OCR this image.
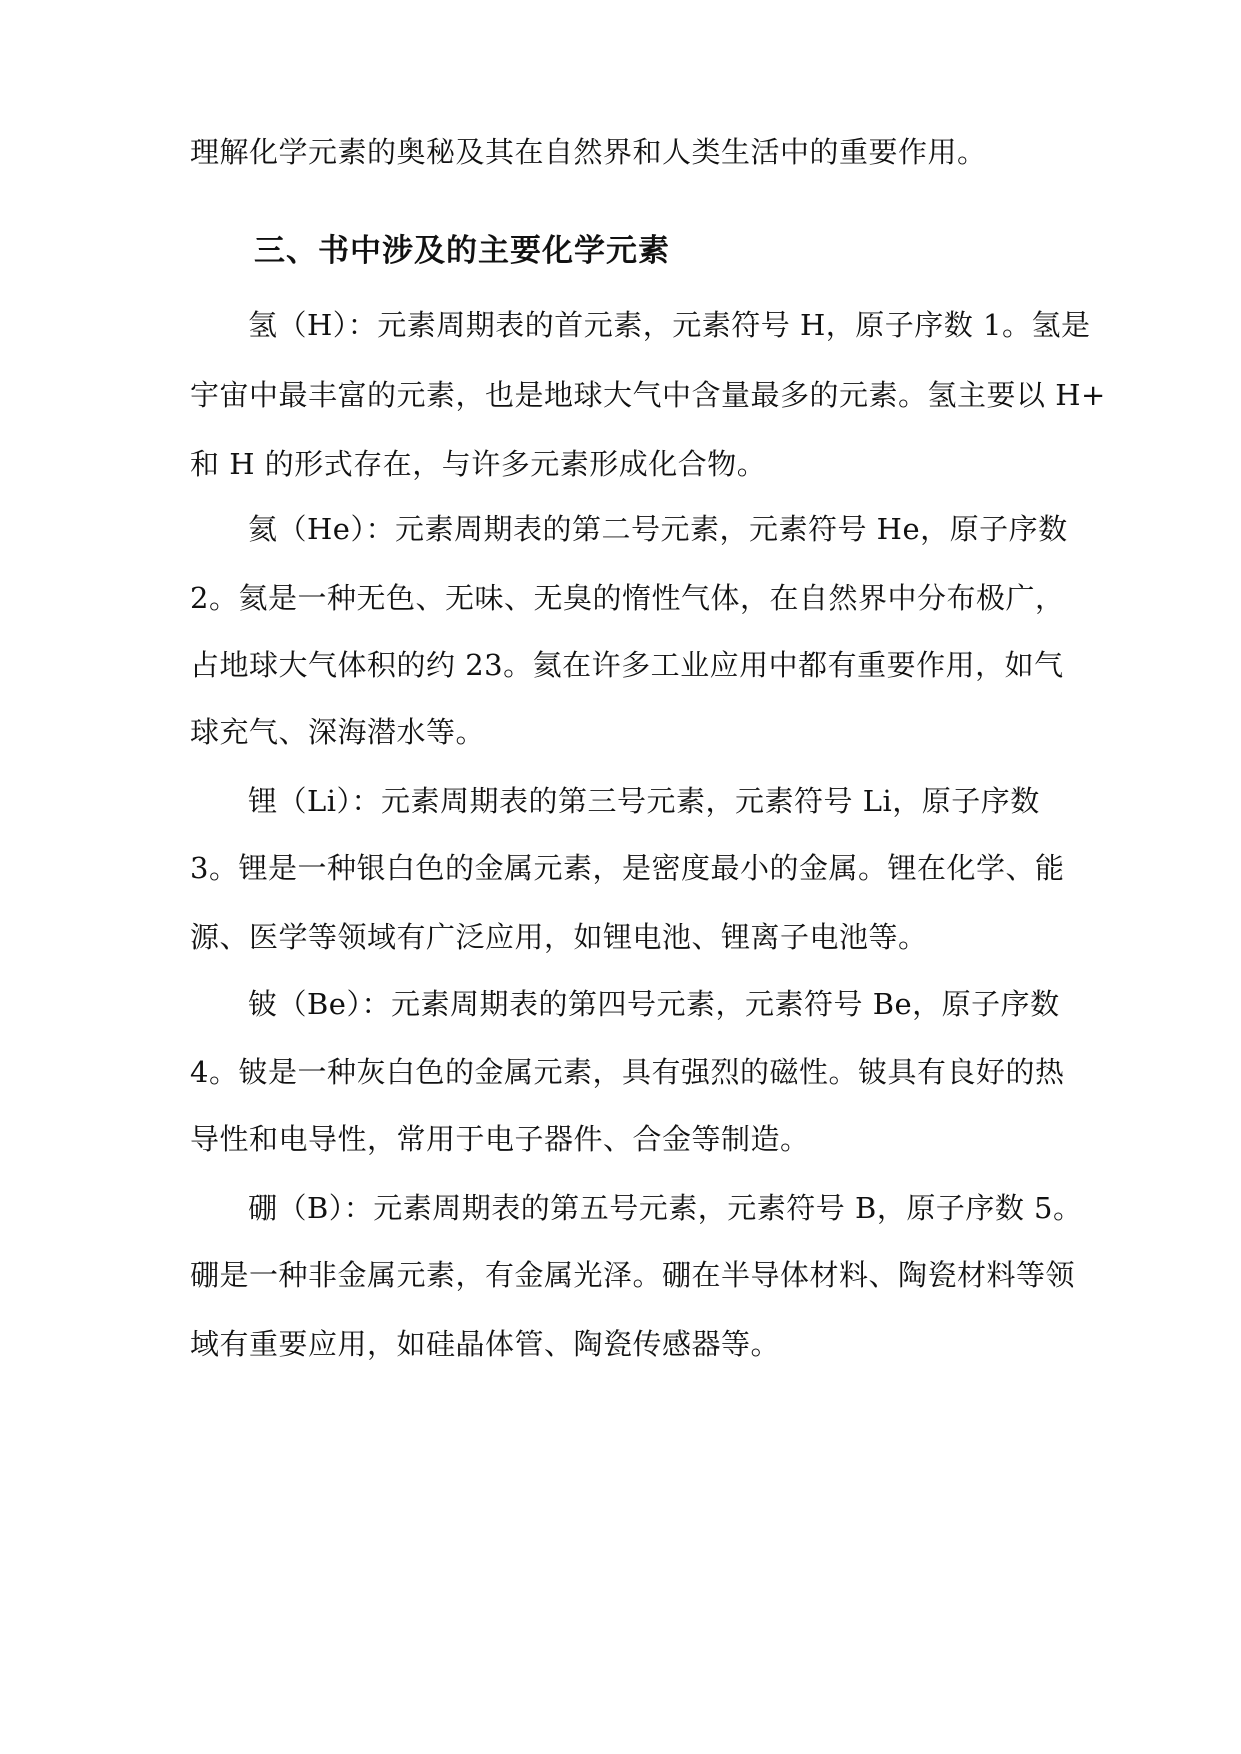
理解化学元素的奥秘及其在自然界和人类生活中的重要作用。
三、书中涉及的主要化学元素
氢（H）：元素周期表的首元素，元素符号 H，原子序数 1。氢是
宇宙中最丰富的元素，也是地球大气中含量最多的元素。氢主要以 H+
和 H 的形式存在，与许多元素形成化合物。
氦（He）：元素周期表的第二号元素，元素符号 He，原子序数
2。氦是一种无色、无味、无臭的惰性气体，在自然界中分布极广，
占地球大气体积的约 23。氦在许多工业应用中都有重要作用，如气
球充气、深海潜水等。
锂（Li）：元素周期表的第三号元素，元素符号 Li，原子序数
3。锂是一种银白色的金属元素，是密度最小的金属。锂在化学、能
源、医学等领域有广泛应用，如锂电池、锂离子电池等。
铍（Be）：元素周期表的第四号元素，元素符号 Be，原子序数
4。铍是一种灰白色的金属元素，具有强烈的磁性。铍具有良好的热
导性和电导性，常用于电子器件、合金等制造。
硼（B）：元素周期表的第五号元素，元素符号 B，原子序数 5。
硼是一种非金属元素，有金属光泽。硼在半导体材料、陶瓷材料等领
域有重要应用，如硅晶体管、陶瓷传感器等。
